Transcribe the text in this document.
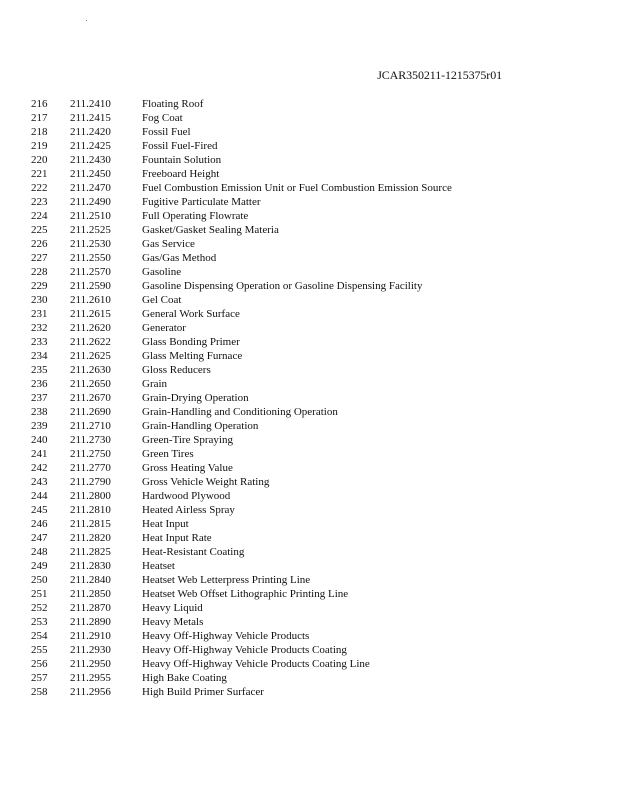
JCAR350211-1215375r01
216	211.2410	Floating Roof
217	211.2415	Fog Coat
218	211.2420	Fossil Fuel
219	211.2425	Fossil Fuel-Fired
220	211.2430	Fountain Solution
221	211.2450	Freeboard Height
222	211.2470	Fuel Combustion Emission Unit or Fuel Combustion Emission Source
223	211.2490	Fugitive Particulate Matter
224	211.2510	Full Operating Flowrate
225	211.2525	Gasket/Gasket Sealing Materia
226	211.2530	Gas Service
227	211.2550	Gas/Gas Method
228	211.2570	Gasoline
229	211.2590	Gasoline Dispensing Operation or Gasoline Dispensing Facility
230	211.2610	Gel Coat
231	211.2615	General Work Surface
232	211.2620	Generator
233	211.2622	Glass Bonding Primer
234	211.2625	Glass Melting Furnace
235	211.2630	Gloss Reducers
236	211.2650	Grain
237	211.2670	Grain-Drying Operation
238	211.2690	Grain-Handling and Conditioning Operation
239	211.2710	Grain-Handling Operation
240	211.2730	Green-Tire Spraying
241	211.2750	Green Tires
242	211.2770	Gross Heating Value
243	211.2790	Gross Vehicle Weight Rating
244	211.2800	Hardwood Plywood
245	211.2810	Heated Airless Spray
246	211.2815	Heat Input
247	211.2820	Heat Input Rate
248	211.2825	Heat-Resistant Coating
249	211.2830	Heatset
250	211.2840	Heatset Web Letterpress Printing Line
251	211.2850	Heatset Web Offset Lithographic Printing Line
252	211.2870	Heavy Liquid
253	211.2890	Heavy Metals
254	211.2910	Heavy Off-Highway Vehicle Products
255	211.2930	Heavy Off-Highway Vehicle Products Coating
256	211.2950	Heavy Off-Highway Vehicle Products Coating Line
257	211.2955	High Bake Coating
258	211.2956	High Build Primer Surfacer
